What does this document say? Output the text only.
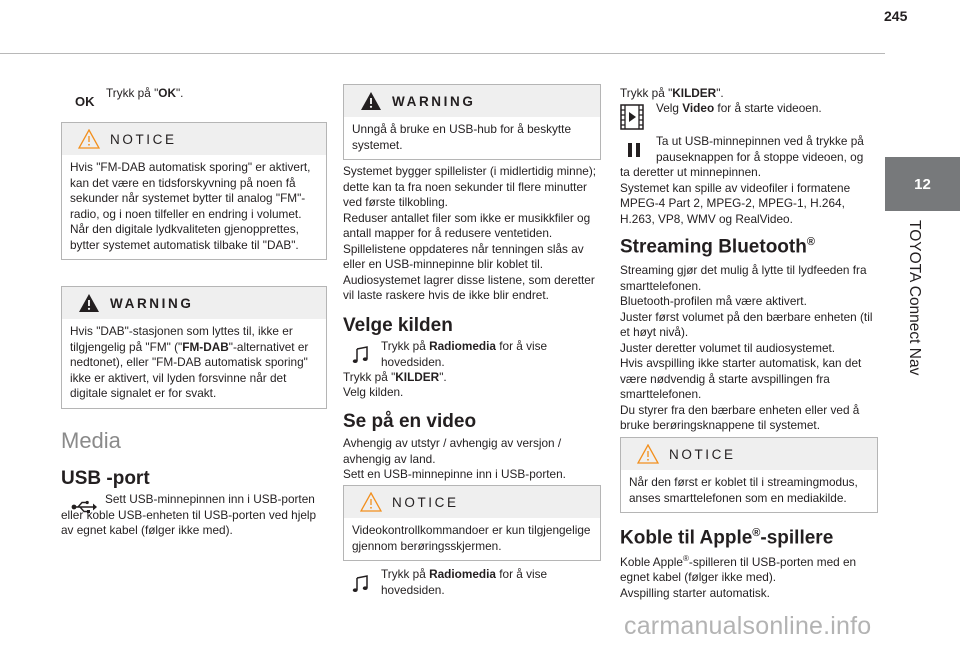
245
12
TOYOTA Connect Nav
OK

Trykk på "OK".

NOTICE
Hvis "FM-DAB automatisk sporing" er aktivert, kan det være en tidsforskyvning på noen få sekunder når systemet bytter til analog "FM"-radio, og i noen tilfeller en endring i volumet.
Når den digitale lydkvaliteten gjenopprettes, bytter systemet automatisk tilbake til "DAB".
WARNING
Hvis "DAB"-stasjonen som lyttes til, ikke er tilgjengelig på "FM" ("FM-DAB"-alternativet er nedtonet), eller "FM-DAB automatisk sporing" ikke er aktivert, vil lyden forsvinne når det digitale signalet er for svakt.
Media
USB -port

Sett USB-minnepinnen inn i USB-porten eller koble USB-enheten til USB-porten ved hjelp av egnet kabel (følger ikke med).

WARNING
Unngå å bruke en USB-hub for å beskytte systemet.

Systemet bygger spillelister (i midlertidig minne); dette kan ta fra noen sekunder til flere minutter ved første tilkobling.
Reduser antallet filer som ikke er musikkfiler og antall mapper for å redusere ventetiden.
Spillelistene oppdateres når tenningen slås av eller en USB-minnepinne blir koblet til. Audiosystemet lagrer disse listene, som deretter vil laste raskere hvis de ikke blir endret.

Velge kilden

Trykk på Radiomedia for å vise hovedsiden.

Trykk på "KILDER".

Velg kilden.

Se på en video

Avhengig av utstyr / avhengig av versjon / avhengig av land.
Sett en USB-minnepinne inn i USB-porten.

NOTICE
Videokontrollkommandoer er kun tilgjengelige gjennom berøringsskjermen.

Trykk på Radiomedia for å vise hovedsiden.

Trykk på "KILDER".

Velg Video for å starte videoen.

Ta ut USB-minnepinnen ved å trykke på pauseknappen for å stoppe videoen, og

ta deretter ut minnepinnen.
Systemet kan spille av videofiler i formatene MPEG-4 Part 2, MPEG-2, MPEG-1, H.264, H.263, VP8, WMV og RealVideo.

Streaming Bluetooth®

Streaming gjør det mulig å lytte til lydfeeden fra smarttelefonen.
Bluetooth-profilen må være aktivert.
Juster først volumet på den bærbare enheten (til et høyt nivå).
Juster deretter volumet til audiosystemet.
Hvis avspilling ikke starter automatisk, kan det være nødvendig å starte avspillingen fra smarttelefonen.
Du styrer fra den bærbare enheten eller ved å bruke berøringsknappene til systemet.

NOTICE
Når den først er koblet til i streamingmodus, anses smarttelefonen som en mediakilde.
Koble til Apple®-spillere

Koble Apple®-spilleren til USB-porten med en egnet kabel (følger ikke med).
Avspilling starter automatisk.

carmanualsonline.info
